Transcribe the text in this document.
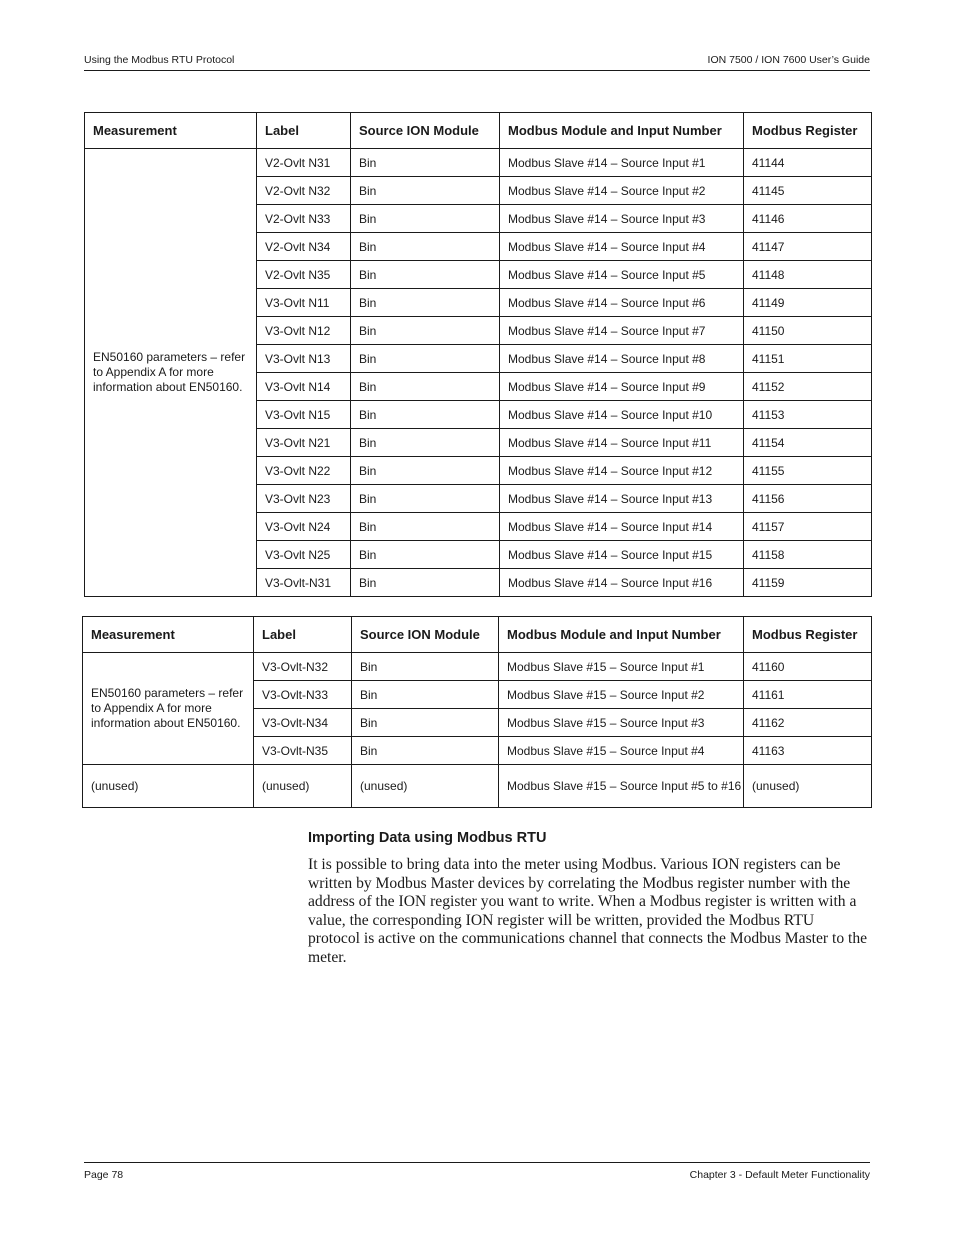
Using the Modbus RTU Protocol	ION 7500 / ION 7600 User’s Guide
Measurement	Label	Source ION Module	Modbus Module and Input Number	Modbus Register
EN50160 parameters – refer to Appendix A for more information about EN50160.	V2-Ovlt N31	Bin	Modbus Slave #14 – Source Input #1	41144
	V2-Ovlt N32	Bin	Modbus Slave #14 – Source Input #2	41145
	V2-Ovlt N33	Bin	Modbus Slave #14 – Source Input #3	41146
	V2-Ovlt N34	Bin	Modbus Slave #14 – Source Input #4	41147
	V2-Ovlt N35	Bin	Modbus Slave #14 – Source Input #5	41148
	V3-Ovlt N11	Bin	Modbus Slave #14 – Source Input #6	41149
	V3-Ovlt N12	Bin	Modbus Slave #14 – Source Input #7	41150
	V3-Ovlt N13	Bin	Modbus Slave #14 – Source Input #8	41151
	V3-Ovlt N14	Bin	Modbus Slave #14 – Source Input #9	41152
	V3-Ovlt N15	Bin	Modbus Slave #14 – Source Input #10	41153
	V3-Ovlt N21	Bin	Modbus Slave #14 – Source Input #11	41154
	V3-Ovlt N22	Bin	Modbus Slave #14 – Source Input #12	41155
	V3-Ovlt N23	Bin	Modbus Slave #14 – Source Input #13	41156
	V3-Ovlt N24	Bin	Modbus Slave #14 – Source Input #14	41157
	V3-Ovlt N25	Bin	Modbus Slave #14 – Source Input #15	41158
	V3-Ovlt-N31	Bin	Modbus Slave #14 – Source Input #16	41159
Measurement	Label	Source ION Module	Modbus Module and Input Number	Modbus Register
EN50160 parameters – refer to Appendix A for more information about EN50160.	V3-Ovlt-N32	Bin	Modbus Slave #15 – Source Input #1	41160
	V3-Ovlt-N33	Bin	Modbus Slave #15 – Source Input #2	41161
	V3-Ovlt-N34	Bin	Modbus Slave #15 – Source Input #3	41162
	V3-Ovlt-N35	Bin	Modbus Slave #15 – Source Input #4	41163
(unused)	(unused)	(unused)	Modbus Slave #15 – Source Input #5 to #16	(unused)
Importing Data using Modbus RTU
It is possible to bring data into the meter using Modbus. Various ION registers can be written by Modbus Master devices by correlating the Modbus register number with the address of the ION register you want to write. When a Modbus register is written with a value, the corresponding ION register will be written, provided the Modbus RTU protocol is active on the communications channel that connects the Modbus Master to the meter.
Page 78	Chapter 3 - Default Meter Functionality
